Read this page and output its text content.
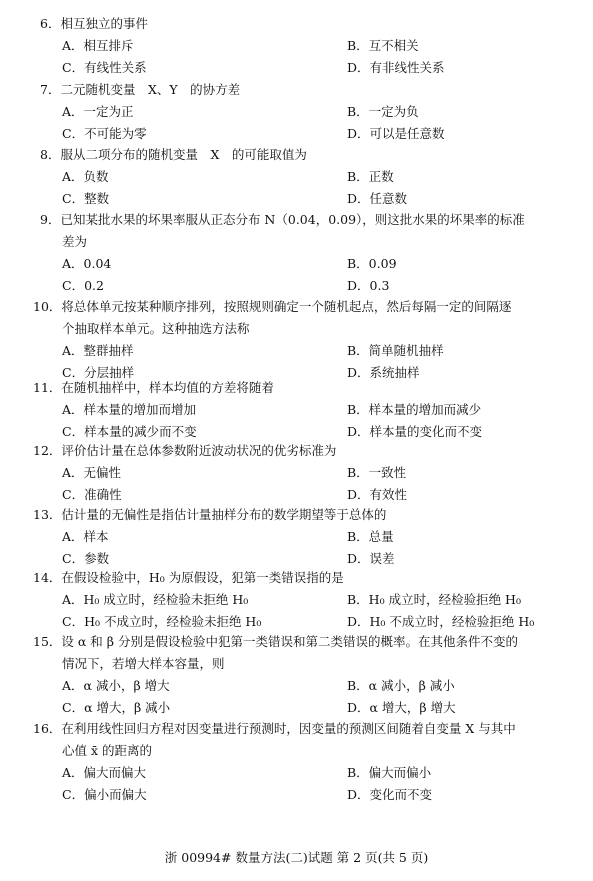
6．相互独立的事件
A．相互排斥	B．互不相关
C．有线性关系	D．有非线性关系
7．二元随机变量　X、Y　的协方差
A．一定为正	B．一定为负
C．不可能为零	D．可以是任意数
8．服从二项分布的随机变量　X　的可能取值为
A．负数	B．正数
C．整数	D．任意数
9．已知某批水果的坏果率服从正态分布 N（0.04，0.09），则这批水果的坏果率的标准
差为
A．0.04	B．0.09
C．0.2	D．0.3
10．将总体单元按某种顺序排列，按照规则确定一个随机起点，然后每隔一定的间隔逐
个抽取样本单元。这种抽选方法称
A．整群抽样	B．简单随机抽样
C．分层抽样	D．系统抽样
11．在随机抽样中，样本均值的方差将随着
A．样本量的增加而增加	B．样本量的增加而减少
C．样本量的减少而不变	D．样本量的变化而不变
12．评价估计量在总体参数附近波动状况的优劣标准为
A．无偏性	B．一致性
C．准确性	D．有效性
13．估计量的无偏性是指估计量抽样分布的数学期望等于总体的
A．样本	B．总量
C．参数	D．误差
14．在假设检验中，H₀ 为原假设，犯第一类错误指的是
A．H₀ 成立时，经检验未拒绝 H₀	B．H₀ 成立时，经检验拒绝 H₀
C．H₀ 不成立时，经检验未拒绝 H₀	D．H₀ 不成立时，经检验拒绝 H₀
15．设 α 和 β 分别是假设检验中犯第一类错误和第二类错误的概率。在其他条件不变的
情况下，若增大样本容量，则
A．α 减小，β 增大	B．α 减小，β 减小
C．α 增大，β 减小	D．α 增大，β 增大
16．在利用线性回归方程对因变量进行预测时，因变量的预测区间随着自变量 X 与其中
心值 x̄ 的距离的
A．偏大而偏大	B．偏大而偏小
C．偏小而偏大	D．变化而不变
浙 00994# 数量方法(二)试题 第 2 页(共 5 页)
